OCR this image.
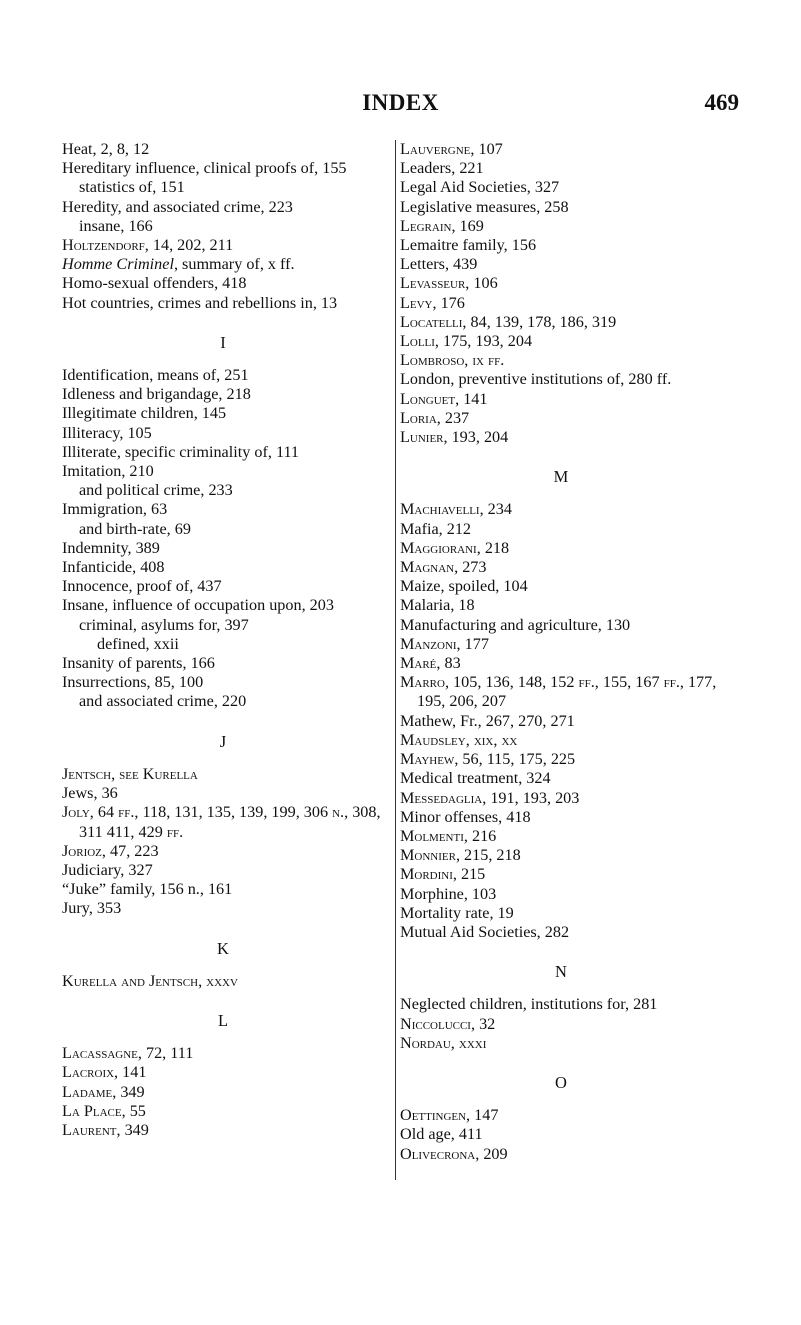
INDEX	469
Heat, 2, 8, 12
Hereditary influence, clinical proofs of, 155
statistics of, 151
Heredity, and associated crime, 223
insane, 166
Holtzendorf, 14, 202, 211
Homme Criminel, summary of, x ff.
Homo-sexual offenders, 418
Hot countries, crimes and rebellions in, 13
I
Identification, means of, 251
Idleness and brigandage, 218
Illegitimate children, 145
Illiteracy, 105
Illiterate, specific criminality of, 111
Imitation, 210
and political crime, 233
Immigration, 63
and birth-rate, 69
Indemnity, 389
Infanticide, 408
Innocence, proof of, 437
Insane, influence of occupation upon, 203
criminal, asylums for, 397
defined, xxii
Insanity of parents, 166
Insurrections, 85, 100
and associated crime, 220
J
Jentsch, see Kurella
Jews, 36
Joly, 64 ff., 118, 131, 135, 139, 199, 306 n., 308, 311 411, 429 ff.
Jorioz, 47, 223
Judiciary, 327
“Juke” family, 156 n., 161
Jury, 353
K
Kurella and Jentsch, xxxv
L
Lacassagne, 72, 111
Lacroix, 141
Ladame, 349
La Place, 55
Laurent, 349
Lauvergne, 107
Leaders, 221
Legal Aid Societies, 327
Legislative measures, 258
Legrain, 169
Lemaitre family, 156
Letters, 439
Levasseur, 106
Levy, 176
Locatelli, 84, 139, 178, 186, 319
Lolli, 175, 193, 204
Lombroso, ix ff.
London, preventive institutions of, 280 ff.
Longuet, 141
Loria, 237
Lunier, 193, 204
M
Machiavelli, 234
Mafia, 212
Maggiorani, 218
Magnan, 273
Maize, spoiled, 104
Malaria, 18
Manufacturing and agriculture, 130
Manzoni, 177
Maré, 83
Marro, 105, 136, 148, 152 ff., 155, 167 ff., 177, 195, 206, 207
Mathew, Fr., 267, 270, 271
Maudsley, xix, xx
Mayhew, 56, 115, 175, 225
Medical treatment, 324
Messedaglia, 191, 193, 203
Minor offenses, 418
Molmenti, 216
Monnier, 215, 218
Mordini, 215
Morphine, 103
Mortality rate, 19
Mutual Aid Societies, 282
N
Neglected children, institutions for, 281
Niccolucci, 32
Nordau, xxxi
O
Oettingen, 147
Old age, 411
Olivecrona, 209
